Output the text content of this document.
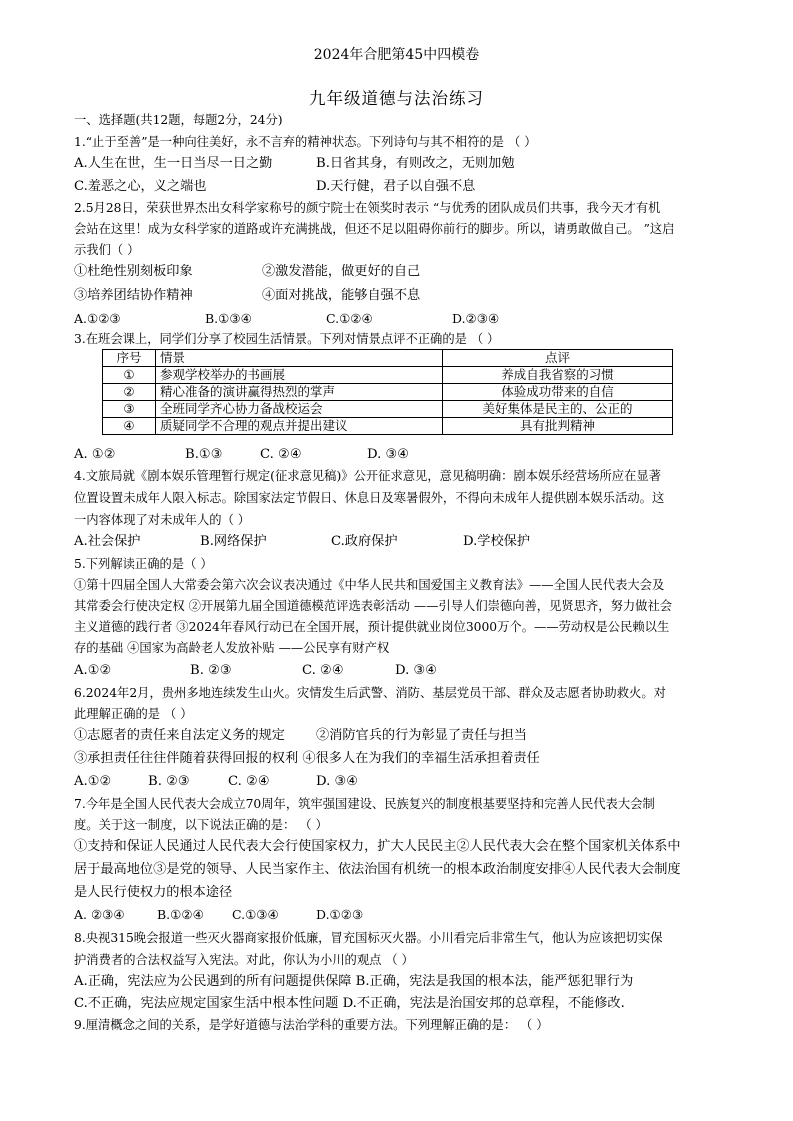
2024年合肥第45中四模卷
九年级道德与法治练习
一、选择题(共12题，每题2分，24分)
1.“止于至善”是一种向往美好，永不言弃的精神状态。下列诗句与其不相符的是 （ ）
A.人生在世，生一日当尽一日之勤	B.日省其身，有则改之，无则加勉
C.羞恶之心，义之端也	D.天行健，君子以自强不息
2.5月28日，荣获世界杰出女科学家称号的颜宁院士在领奖时表示 “与优秀的团队成员们共事，我今天才有机
会站在这里！成为女科学家的道路或许充满挑战，但还不足以阻碍你前行的脚步。所以，请勇敢做自己。 ”这启
示我们（ ）
①杜绝性别刻板印象	②激发潜能，做更好的自己
③培养团结协作精神	④面对挑战，能够自强不息
A.①②③	B.①③④	C.①②④	D.②③④
3.在班会课上，同学们分享了校园生活情景。下列对情景点评不正确的是 （ ）
序号	情景	点评
①	参观学校举办的书画展	养成自我省察的习惯
②	精心准备的演讲赢得热烈的掌声	体验成功带来的自信
③	全班同学齐心协力备战校运会	美好集体是民主的、公正的
④	质疑同学不合理的观点并提出建议	具有批判精神
A. ①②	B.①③	C. ②④	D. ③④
4.文旅局就《剧本娱乐管理暂行规定(征求意见稿)》公开征求意见，意见稿明确：剧本娱乐经营场所应在显著
位置设置未成年人限入标志。除国家法定节假日、休息日及寒暑假外，不得向未成年人提供剧本娱乐活动。这
一内容体现了对未成年人的（ ）
A.社会保护	B.网络保护	C.政府保护	D.学校保护
5.下列解读正确的是（ ）
①第十四届全国人大常委会第六次会议表决通过《中华人民共和国爱国主义教育法》——全国人民代表大会及
其常委会行使决定权 ②开展第九届全国道德模范评选表彰活动 ——引导人们崇德向善，见贤思齐，努力做社会
主义道德的践行者 ③2024年春风行动已在全国开展，预计提供就业岗位3000万个。——劳动权是公民赖以生
存的基础 ④国家为高龄老人发放补贴 ——公民享有财产权
A.①②	B. ②③	C. ②④	D. ③④
6.2024年2月，贵州多地连续发生山火。灾情发生后武警、消防、基层党员干部、群众及志愿者协助救火。对
此理解正确的是 （ ）
①志愿者的责任来自法定义务的规定 ②消防官兵的行为彰显了责任与担当
③承担责任往往伴随着获得回报的权利 ④很多人在为我们的幸福生活承担着责任
A.①②	B. ②③	C. ②④	D. ③④
7.今年是全国人民代表大会成立70周年，筑牢强国建设、民族复兴的制度根基要坚持和完善人民代表大会制
度。关于这一制度，以下说法正确的是： （ ）
①支持和保证人民通过人民代表大会行使国家权力，扩大人民民主②人民代表大会在整个国家机关体系中
居于最高地位③是党的领导、人民当家作主、依法治国有机统一的根本政治制度安排④人民代表大会制度
是人民行使权力的根本途径
A. ②③④	B.①②④ C.①③④	D.①②③
8.央视315晚会报道一些灭火器商家报价低廉，冒充国标灭火器。小川看完后非常生气，他认为应该把切实保
护消费者的合法权益写入宪法。对此，你认为小川的观点 （ ）
A.正确，宪法应为公民遇到的所有问题提供保障 B.正确，宪法是我国的根本法，能严惩犯罪行为
C.不正确，宪法应规定国家生活中根本性问题 D.不正确，宪法是治国安邦的总章程，不能修改.
9.厘清概念之间的关系，是学好道德与法治学科的重要方法。下列理解正确的是： （ ）
